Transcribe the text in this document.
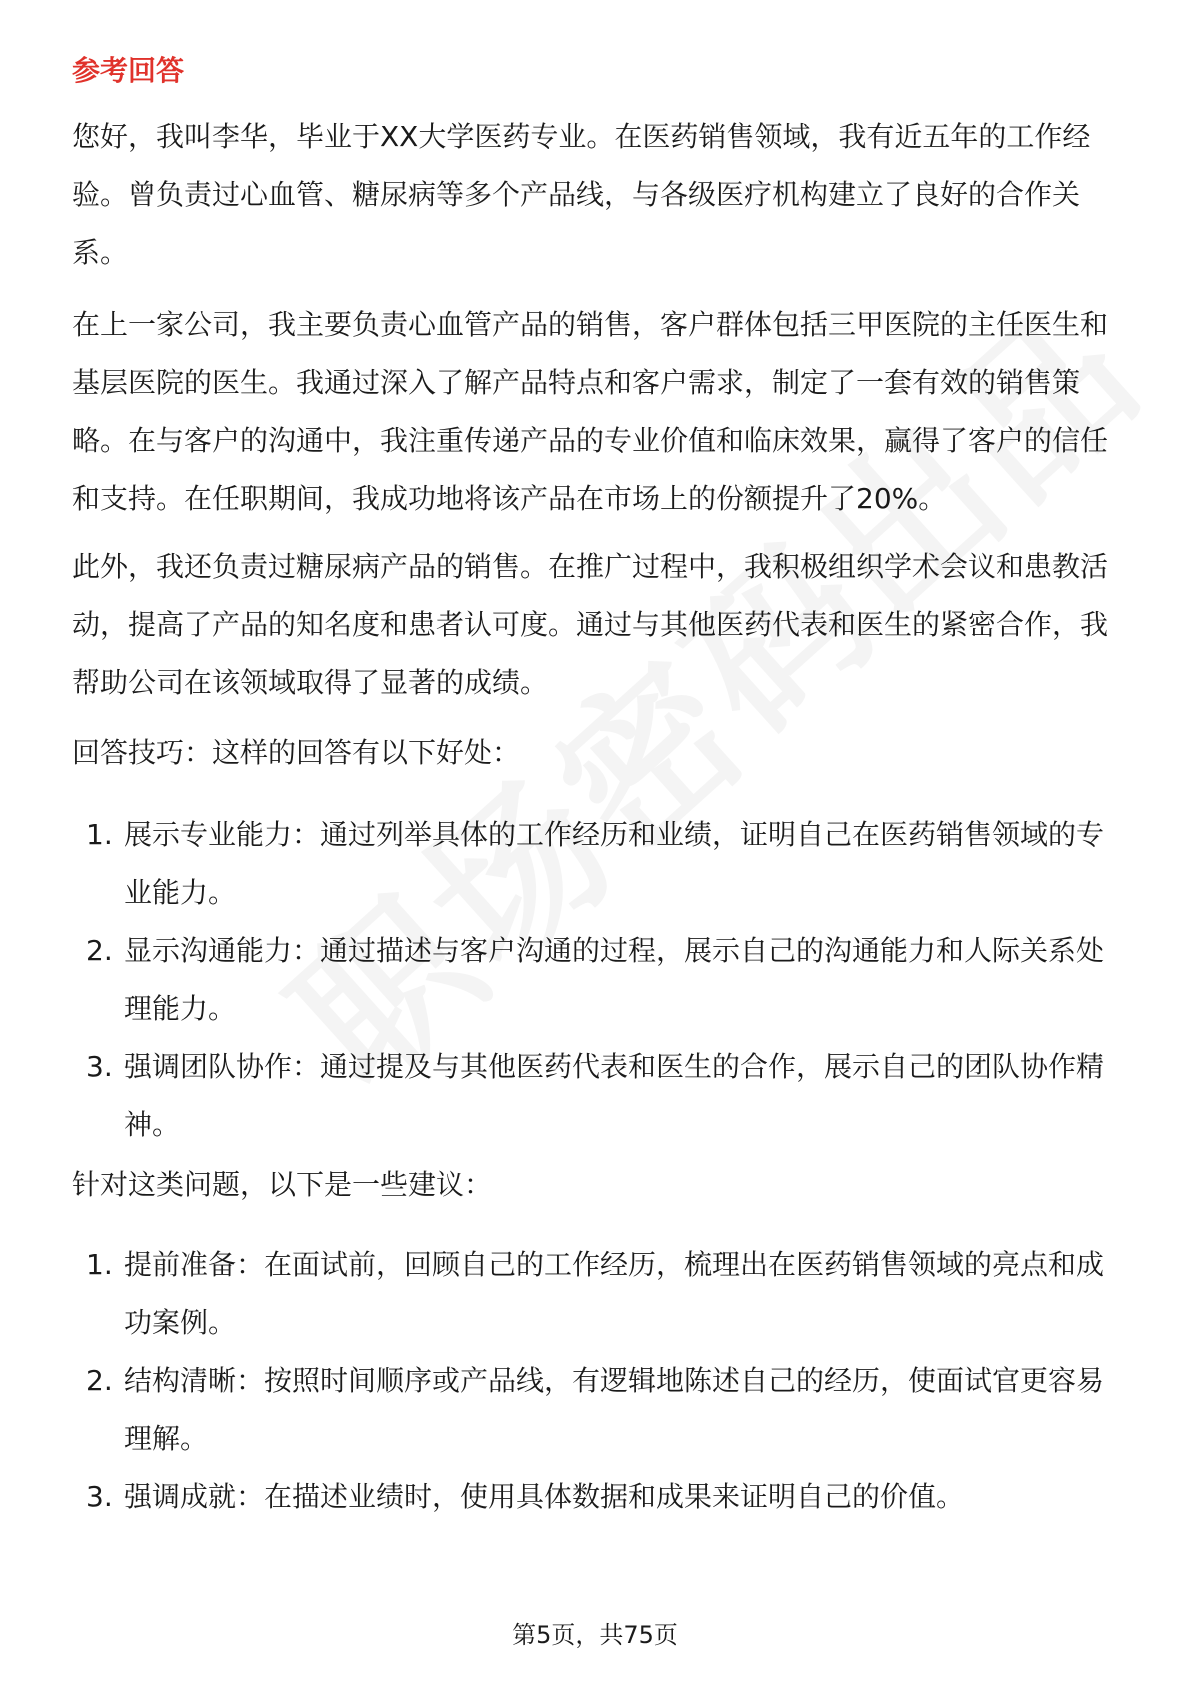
参考回答

您好，我叫李华，毕业于XX大学医药专业。在医药销售领域，我有近五年的工作经验。曾负责过心血管、糖尿病等多个产品线，与各级医疗机构建立了良好的合作关系。

在上一家公司，我主要负责心血管产品的销售，客户群体包括三甲医院的主任医生和基层医院的医生。我通过深入了解产品特点和客户需求，制定了一套有效的销售策略。在与客户的沟通中，我注重传递产品的专业价值和临床效果，赢得了客户的信任和支持。在任职期间，我成功地将该产品在市场上的份额提升了20%。

此外，我还负责过糖尿病产品的销售。在推广过程中，我积极组织学术会议和患教活动，提高了产品的知名度和患者认可度。通过与其他医药代表和医生的紧密合作，我帮助公司在该领域取得了显著的成绩。

回答技巧：这样的回答有以下好处：

1. 展示专业能力：通过列举具体的工作经历和业绩，证明自己在医药销售领域的专业能力。
2. 显示沟通能力：通过描述与客户沟通的过程，展示自己的沟通能力和人际关系处理能力。
3. 强调团队协作：通过提及与其他医药代表和医生的合作，展示自己的团队协作精神。

针对这类问题，以下是一些建议：

1. 提前准备：在面试前，回顾自己的工作经历，梳理出在医药销售领域的亮点和成功案例。
2. 结构清晰：按照时间顺序或产品线，有逻辑地陈述自己的经历，使面试官更容易理解。
3. 强调成就：在描述业绩时，使用具体数据和成果来证明自己的价值。
第5页，共75页
